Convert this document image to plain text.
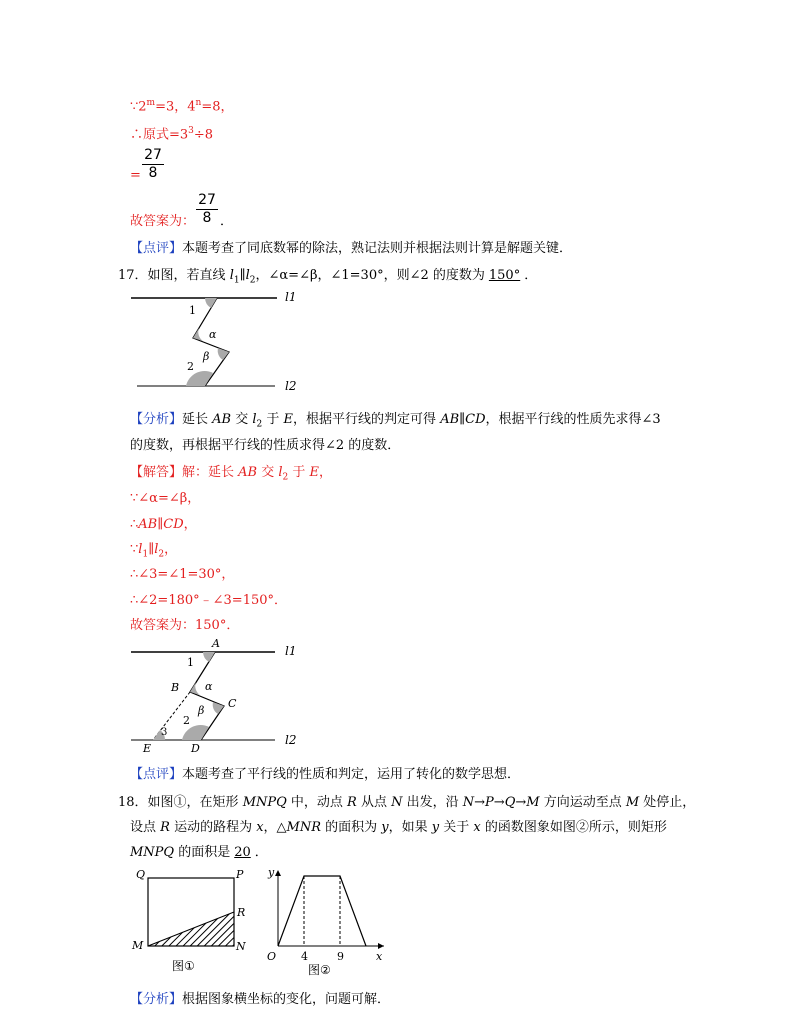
$\because 2^m=3$，$4^n=8$，
∴原式$=3^3\div 8$
=
27
8
故答案为：
27
8 ．
【点评】本题考查了同底数幂的除法，熟记法则并根据法则计算是解题关键．
17．如图，若直线 $l_1\parallel l_2$，∠α=∠β，∠1=30°，则∠2 的度数为 150° ．
l1
l2
1
α
β
2
【分析】延长 AB 交 $l_2$ 于 E，根据平行线的判定可得 AB∥CD，根据平行线的性质先求得∠3
的度数，再根据平行线的性质求得∠2 的度数．
【解答】解：延长 AB 交 $l_2$ 于 E，
∵∠α=∠β，
∴AB∥CD，
$\because l_1\parallel l_2$，
∴∠3=∠1=30°，
∴∠2=180°﹣∠3=150°．
故答案为：150°．
A
B
C
D
E
l1
l2
1
α
β
2
3
【点评】本题考查了平行线的性质和判定，运用了转化的数学思想．
18．如图①，在矩形 MNPQ 中，动点 R 从点 N 出发，沿 N→P→Q→M 方向运动至点 M 处停止，
设点 R 运动的路程为 x，△MNR 的面积为 y，如果 y 关于 x 的函数图象如图②所示，则矩形
MNPQ 的面积是 20 ．
Q	P
R
M	N
图①
y
x
O 4	9
图②
【分析】根据图象横坐标的变化，问题可解．
